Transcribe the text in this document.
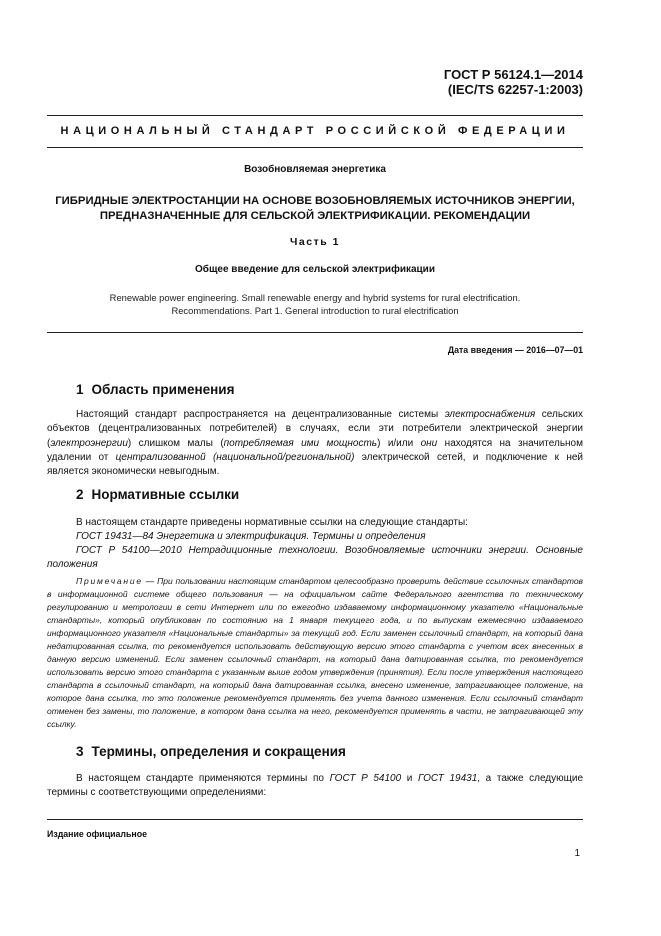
ГОСТ Р 56124.1—2014
(IEC/TS 62257-1:2003)
НАЦИОНАЛЬНЫЙ СТАНДАРТ РОССИЙСКОЙ ФЕДЕРАЦИИ
Возобновляемая энергетика
ГИБРИДНЫЕ ЭЛЕКТРОСТАНЦИИ НА ОСНОВЕ ВОЗОБНОВЛЯЕМЫХ ИСТОЧНИКОВ ЭНЕРГИИ,
ПРЕДНАЗНАЧЕННЫЕ ДЛЯ СЕЛЬСКОЙ ЭЛЕКТРИФИКАЦИИ. РЕКОМЕНДАЦИИ
Часть 1
Общее введение для сельской электрификации
Renewable power engineering. Small renewable energy and hybrid systems for rural electrification.
Recommendations. Part 1. General introduction to rural electrification
Дата введения — 2016—07—01
1 Область применения

Настоящий стандарт распространяется на децентрализованные системы электроснабжения сельских объектов (децентрализованных потребителей) в случаях, если эти потребители электрической энергии (электроэнергии) слишком малы (потребляемая ими мощность) и/или они находятся на значительном удалении от централизованной (национальной/региональной) электрической сетей, и подключение к ней является экономически невыгодным.

2 Нормативные ссылки
В настоящем стандарте приведены нормативные ссылки на следующие стандарты:
ГОСТ 19431—84 Энергетика и электрификация. Термины и определения

ГОСТ Р 54100—2010 Нетрадиционные технологии. Возобновляемые источники энергии. Основные положения

Примечание — При пользовании настоящим стандартом целесообразно проверить действие ссылочных стандартов в информационной системе общего пользования — на официальном сайте Федерального агентства по техническому регулированию и метрологии в сети Интернет или по ежегодно издаваемому информационному указателю «Национальные стандарты», который опубликован по состоянию на 1 января текущего года, и по выпускам ежемесячно издаваемого информационного указателя «Национальные стандарты» за текущий год. Если заменен ссылочный стандарт, на который дана недатированная ссылка, то рекомендуется использовать действующую версию этого стандарта с учетом всех внесенных в данную версию изменений. Если заменен ссылочный стандарт, на который дана датированная ссылка, то рекомендуется использовать версию этого стандарта с указанным выше годом утверждения (принятия). Если после утверждения настоящего стандарта в ссылочный стандарт, на который дана датированная ссылка, внесено изменение, затрагивающее положение, на которое дана ссылка, то это положение рекомендуется применять без учета данного изменения. Если ссылочный стандарт отменен без замены, то положение, в котором дана ссылка на него, рекомендуется применять в части, не затрагивающей эту ссылку.

3 Термины, определения и сокращения

В настоящем стандарте применяются термины по ГОСТ Р 54100 и ГОСТ 19431, а также следующие термины с соответствующими определениями:

Издание официальное
1
